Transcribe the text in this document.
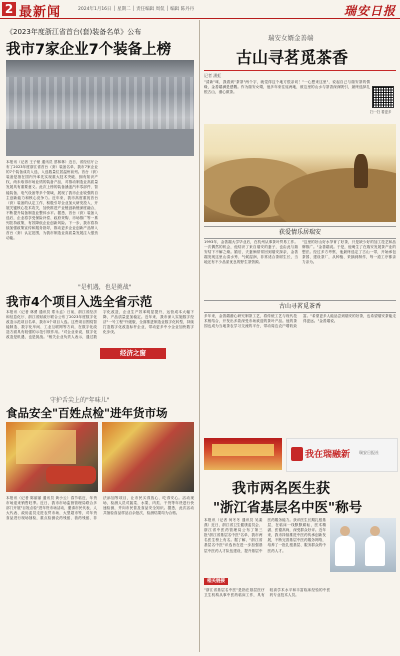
2 最新闻	2024年1月16日 │ 星期二 │ 责任编辑 周侃 │ 编辑 陈丹丹	瑞安日报
《2023年度浙江省首台(套)装备名单》公布
我市7家企业7个装备上榜
本报讯（记者 王子豪 通讯员 蔡林林）近日，省经信厅公布了2023年度浙江省首台（套）装备名单，我市7家企业的7个装备成功入选，入选数量位居温州前列。首台（套）装备是指在国内外率先实现重大技术突破、拥有知识产权，尚未取得市场业绩的装备产品，对推动制造业高质量发展具有重要意义。此次上榜的装备涵盖汽车零部件、智能装备、电气设备等多个领域，展现了我市企业较强的自主创新能力和核心竞争力。近年来，我市高度重视首台（套）装备的认定工作，积极引导企业加大研发投入，开展关键核心技术攻关，加快推进产业链创新链深度融合，不断提升装备制造业整体水平。据悉，首台（套）装备入选后，企业将享受保险补偿、政府采购、市场推广等一系列扶持政策，有效降低企业创新风险。下一步，我市将持续加强政策宣传和服务指导，推动更多企业创新产品纳入首台（套）认定范围，为我市制造业高质量发展注入强劲动能。
"是机遇，也是挑战"
我市4个项目入选全省示范
本报讯（记者 林勇 通讯员 郑永孟）日前，浙江省经济和信息化厅、浙江省财政厅联合公布了2023年度数字化改造示范项目名单，我市4个项目入选。这些项目围绕智能制造、数字化车间、工业互联网等方向，在数字化改造方面具有较强的示范引领作用。"对企业来说，数字化改造是机遇，也是挑战。"相关企业负责人表示，通过数字化改造，企业生产效率明显提升，运营成本大幅下降，产品质量更加稳定。近年来，我市深入实施数字经济"一号工程"升级版，全面推进制造业数字化转型，持续打造数字化改造标杆企业，带动更多中小企业加快数字化步伐。
经济之窗
守护舌尖上的"年味儿"
食品安全"百姓点检"进年货市场
本报讯（记者 陈丽丽 通讯员 黄小云）春节临近，年货市场迎来销售旺季。近日，我市市场监督管理局联合多部门开展"百姓点检"进年货市场活动，邀请市民代表、人大代表、政协委员走进农贸市场、大型超市等，对年货食品进行现场抽检，重点检测农药残留、兽药残留、非法添加等项目，让市民买得放心、吃得安心。活动现场，检测人员对蔬菜、水果、肉类、干货等年货进行快速检测，并向市民普及食品安全知识。据悉，此次活动共抽检食品样品百余批次，检测结果均为合格。
瑞安女婿金善端
古山寻茗觅茶香
记者 潘虹
"清新"味，我看到"茶茶"两个字，就觉得这个地方很亲切！"一心想来这里"，说起自己与瑞安茶的情缘，金善端满是感慨。作为瑞安女婿，他多年来往返两地，被这里的山水与茶香深深吸引，最终选择扎根古山，潜心做茶。
扫一扫 看更多
获爱情乐居瑞安
1993年，金善端大学毕业后，在杭州从事茶叶贸易工作。一次偶然的机会，他结识了来自瑞安的妻子，也由此与瑞安结下不解之缘。婚后，夫妻俩常常回到瑞安探亲，金善端发现这里山清水秀、气候湿润，非常适合茶树生长，当地还有不少品质优良的野生茶资源。
"这里的好山好水孕育了好茶，只是缺少好的加工技艺和品牌推广。"金善端说。于是，他萌生了在瑞安发展茶产业的想法。经过多方考察，他最终选定了古山一带，开始承包茶园、建设茶厂，从种植、采摘到制作，每一道工序都亲力亲为。
古山寻茗觅茶香
多年来，金善端潜心研究制茶工艺，将传统工艺与现代技术相结合，开发出多款深受市场欢迎的茶叶产品。他的茶园也成为当地茶农学习交流的平台，带动周边农户增收致富。"希望更多人能品尝到瑞安的好茶，也希望瑞安茶能走得更远。"金善端说。
我在瑞融新 瑞安日报社
我市两名医生获
"浙江省基层名中医"称号
本报讯（记者 何冬冬 通讯员 吴素燕）近日，浙江省卫生健康委员会、浙江省中医药管理局公布了第三批"浙江省基层名中医"名单，我市两名医生榜上有名。据了解，"浙江省基层名中医"评选旨在进一步加强基层中医药人才队伍建设，提升基层中医药服务能力。获评医生长期扎根基层，在临床一线默默耕耘，医术精湛、医德高尚，深受群众好评。近年来，我市持续推进中医药传承创新发展，不断完善基层中医药服务网络，培养了一批扎根基层、服务群众的中医药人才。
相关链接
"浙江省基层名中医"是指在基层医疗卫生机构从事中医药临床工作，具有较高学术水平和丰富临床经验的中医药专业技术人员。
